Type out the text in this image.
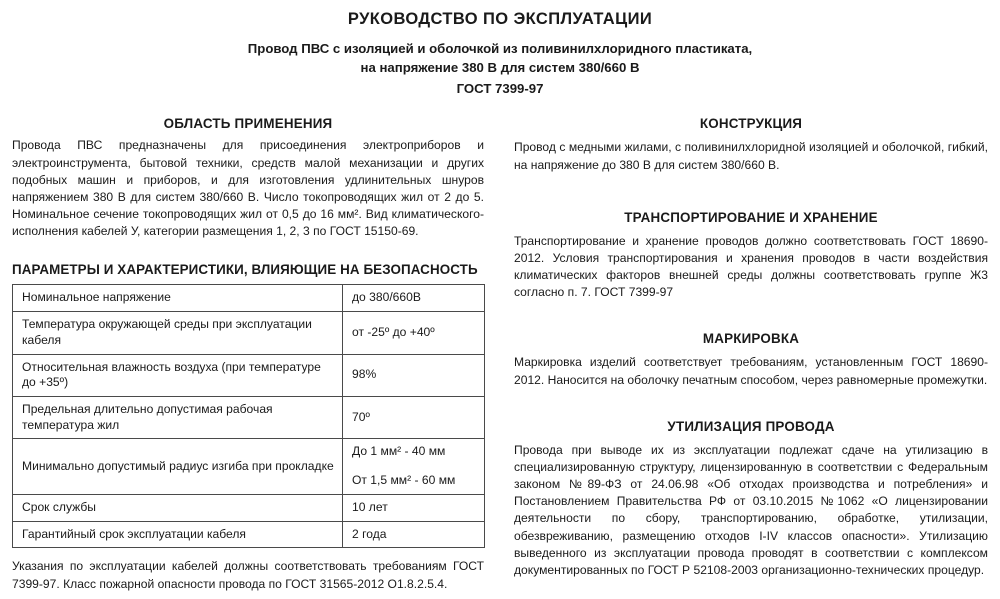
РУКОВОДСТВО ПО ЭКСПЛУАТАЦИИ
Провод ПВС с изоляцией и оболочкой из поливинилхлоридного пластиката,
на напряжение 380 В для систем 380/660 В
ГОСТ 7399-97
ОБЛАСТЬ ПРИМЕНЕНИЯ

Провода ПВС предназначены для присоединения электроприборов и электроинструмента, бытовой техники, средств малой механизации и других подобных машин и приборов, и для изготовления удлинительных шнуров напряжением 380 В для систем 380/660 В. Число токопроводящих жил от 2 до 5. Номинальное сечение токопроводящих жил от 0,5 до 16 мм². Вид климатического-исполнения кабелей У, категории размещения 1, 2, 3 по ГОСТ 15150-69.

ПАРАМЕТРЫ И ХАРАКТЕРИСТИКИ, ВЛИЯЮЩИЕ НА БЕЗОПАСНОСТЬ
Номинальное напряжение	до 380/660В
Температура окружающей среды при эксплуатации кабеля	от -25º до +40º
Относительная влажность воздуха (при температуре до +35º)	98%
Предельная длительно допустимая рабочая температура жил	70º
Минимально допустимый радиус изгиба при прокладке	До 1 мм² - 40 мм
От 1,5 мм² - 60 мм

Срок службы	10 лет
Гарантийный срок эксплуатации кабеля	2 года

Указания по эксплуатации кабелей должны соответствовать требованиям ГОСТ 7399-97. Класс пожарной опасности провода по ГОСТ 31565-2012 О1.8.2.5.4.

КОНСТРУКЦИЯ

Провод с медными жилами, с поливинилхлоридной изоляцией и оболочкой, гибкий, на напряжение до 380 В для систем 380/660 В.

ТРАНСПОРТИРОВАНИЕ И ХРАНЕНИЕ

Транспортирование и хранение проводов должно соответствовать ГОСТ 18690-2012. Условия транспортирования и хранения проводов в части воздействия климатических факторов внешней среды должны соответствовать группе Ж3 согласно п. 7. ГОСТ 7399-97

МАРКИРОВКА

Маркировка изделий соответствует требованиям, установленным ГОСТ 18690-2012. Наносится на оболочку печатным способом, через равномерные промежутки.

УТИЛИЗАЦИЯ ПРОВОДА

Провода при выводе их из эксплуатации подлежат сдаче на утилизацию в специализированную структуру, лицензированную в соответствии с Федеральным законом №89-ФЗ от 24.06.98 «Об отходах производства и потребления» и Постановлением Правительства РФ от 03.10.2015 №1062 «О лицензировании деятельности по сбору, транспортированию, обработке, утилизации, обезвреживанию, размещению отходов I-IV классов опасности». Утилизацию выведенного из эксплуатации провода проводят в соответствии с комплексом документированных по ГОСТ Р 52108-2003 организационно-технических процедур.
